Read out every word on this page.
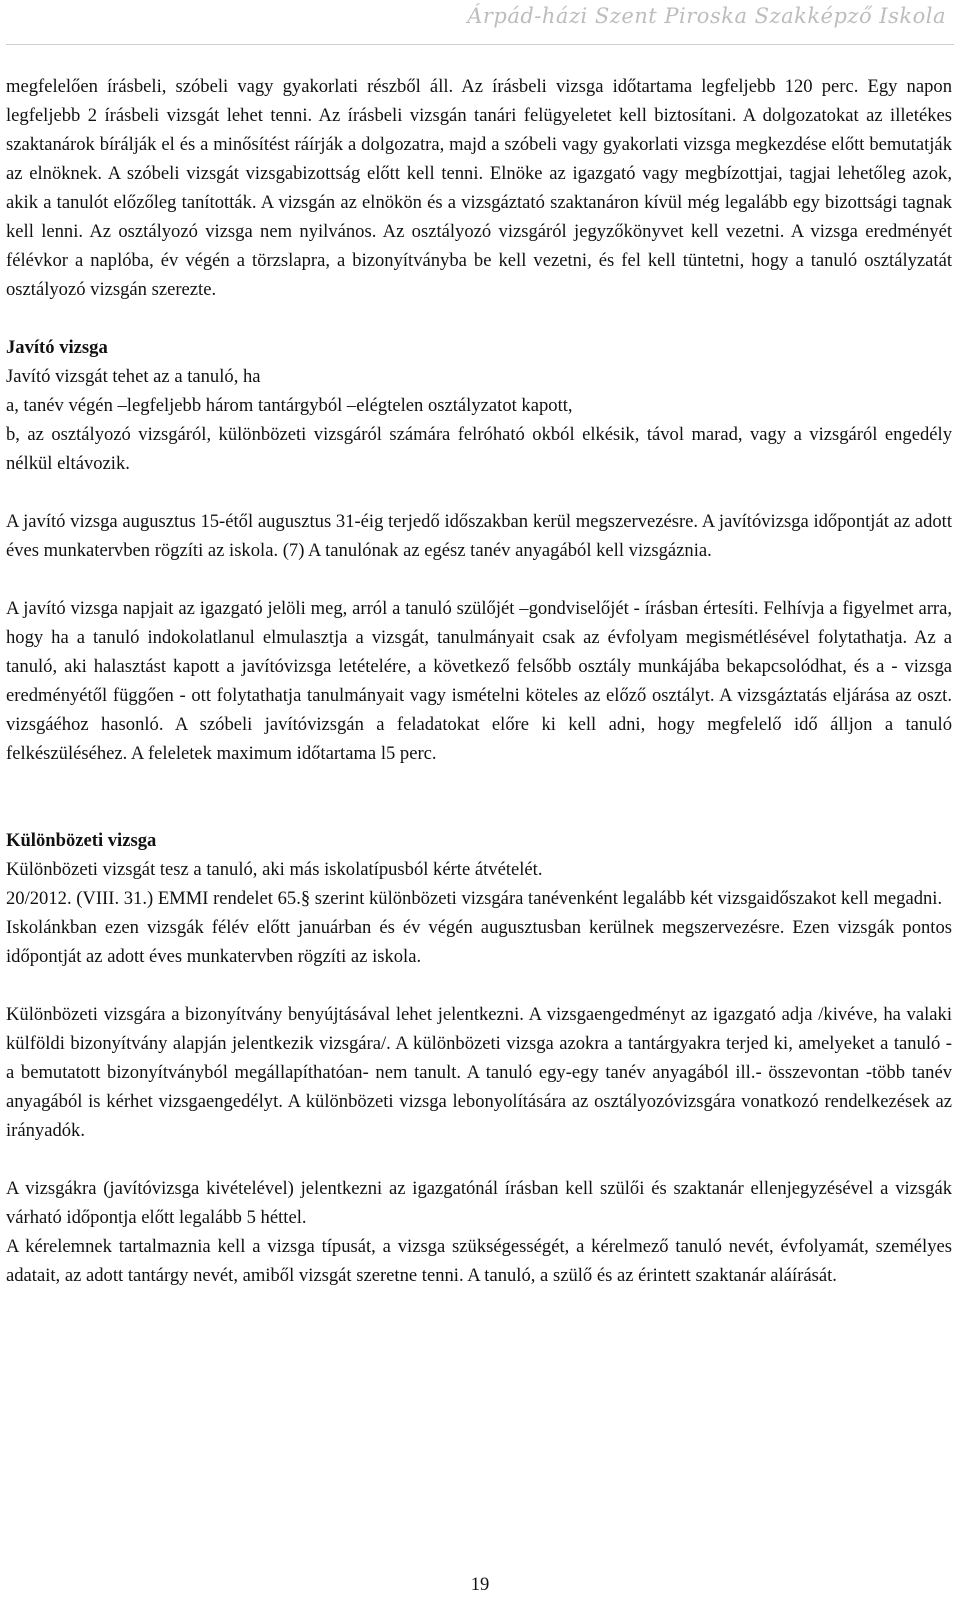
Árpád-házi Szent Piroska Szakképző Iskola

megfelelően írásbeli, szóbeli vagy gyakorlati részből áll. Az írásbeli vizsga időtartama legfeljebb 120 perc. Egy napon legfeljebb 2 írásbeli vizsgát lehet tenni. Az írásbeli vizsgán tanári felügyeletet kell biztosítani. A dolgozatokat az illetékes szaktanárok bírálják el és a minősítést ráírják a dolgozatra, majd a szóbeli vagy gyakorlati vizsga megkezdése előtt bemutatják az elnöknek. A szóbeli vizsgát vizsgabizottság előtt kell tenni. Elnöke az igazgató vagy megbízottjai, tagjai lehetőleg azok, akik a tanulót előzőleg tanították. A vizsgán az elnökön és a vizsgáztató szaktanáron kívül még legalább egy bizottsági tagnak kell lenni. Az osztályozó vizsga nem nyilvános. Az osztályozó vizsgáról jegyzőkönyvet kell vezetni. A vizsga eredményét félévkor a naplóba, év végén a törzslapra, a bizonyítványba be kell vezetni, és fel kell tüntetni, hogy a tanuló osztályzatát osztályozó vizsgán szerezte.

Javító vizsga

Javító vizsgát tehet az a tanuló, ha

a, tanév végén –legfeljebb három tantárgyból –elégtelen osztályzatot kapott,

b, az osztályozó vizsgáról, különbözeti vizsgáról számára felróható okból elkésik, távol marad, vagy a vizsgáról engedély nélkül eltávozik.

A javító vizsga augusztus 15-étől augusztus 31-éig terjedő időszakban kerül megszervezésre. A javítóvizsga időpontját az adott éves munkatervben rögzíti az iskola. (7) A tanulónak az egész tanév anyagából kell vizsgáznia.

A javító vizsga napjait az igazgató jelöli meg, arról a tanuló szülőjét –gondviselőjét - írásban értesíti. Felhívja a figyelmet arra, hogy ha a tanuló indokolatlanul elmulasztja a vizsgát, tanulmányait csak az évfolyam megismétlésével folytathatja. Az a tanuló, aki halasztást kapott a javítóvizsga letételére, a következő felsőbb osztály munkájába bekapcsolódhat, és a - vizsga eredményétől függően - ott folytathatja tanulmányait vagy ismételni köteles az előző osztályt. A vizsgáztatás eljárása az oszt. vizsgáéhoz hasonló. A szóbeli javítóvizsgán a feladatokat előre ki kell adni, hogy megfelelő idő álljon a tanuló felkészüléséhez. A feleletek maximum időtartama l5 perc.

Különbözeti vizsga

Különbözeti vizsgát tesz a tanuló, aki más iskolatípusból kérte átvételét.

20/2012. (VIII. 31.) EMMI rendelet 65.§ szerint különbözeti vizsgára tanévenként legalább két vizsgaidőszakot kell megadni.

Iskolánkban ezen vizsgák félév előtt januárban és év végén augusztusban kerülnek megszervezésre. Ezen vizsgák pontos időpontját az adott éves munkatervben rögzíti az iskola.

Különbözeti vizsgára a bizonyítvány benyújtásával lehet jelentkezni. A vizsgaengedményt az igazgató adja /kivéve, ha valaki külföldi bizonyítvány alapján jelentkezik vizsgára/. A különbözeti vizsga azokra a tantárgyakra terjed ki, amelyeket a tanuló - a bemutatott bizonyítványból megállapíthatóan- nem tanult. A tanuló egy-egy tanév anyagából ill.- összevontan -több tanév anyagából is kérhet vizsgaengedélyt. A különbözeti vizsga lebonyolítására az osztályozóvizsgára vonatkozó rendelkezések az irányadók.

A vizsgákra (javítóvizsga kivételével) jelentkezni az igazgatónál írásban kell szülői és szaktanár ellenjegyzésével a vizsgák várható időpontja előtt legalább 5 héttel.

A kérelemnek tartalmaznia kell a vizsga típusát, a vizsga szükségességét, a kérelmező tanuló nevét, évfolyamát, személyes adatait, az adott tantárgy nevét, amiből vizsgát szeretne tenni. A tanuló, a szülő és az érintett szaktanár aláírását.

19
